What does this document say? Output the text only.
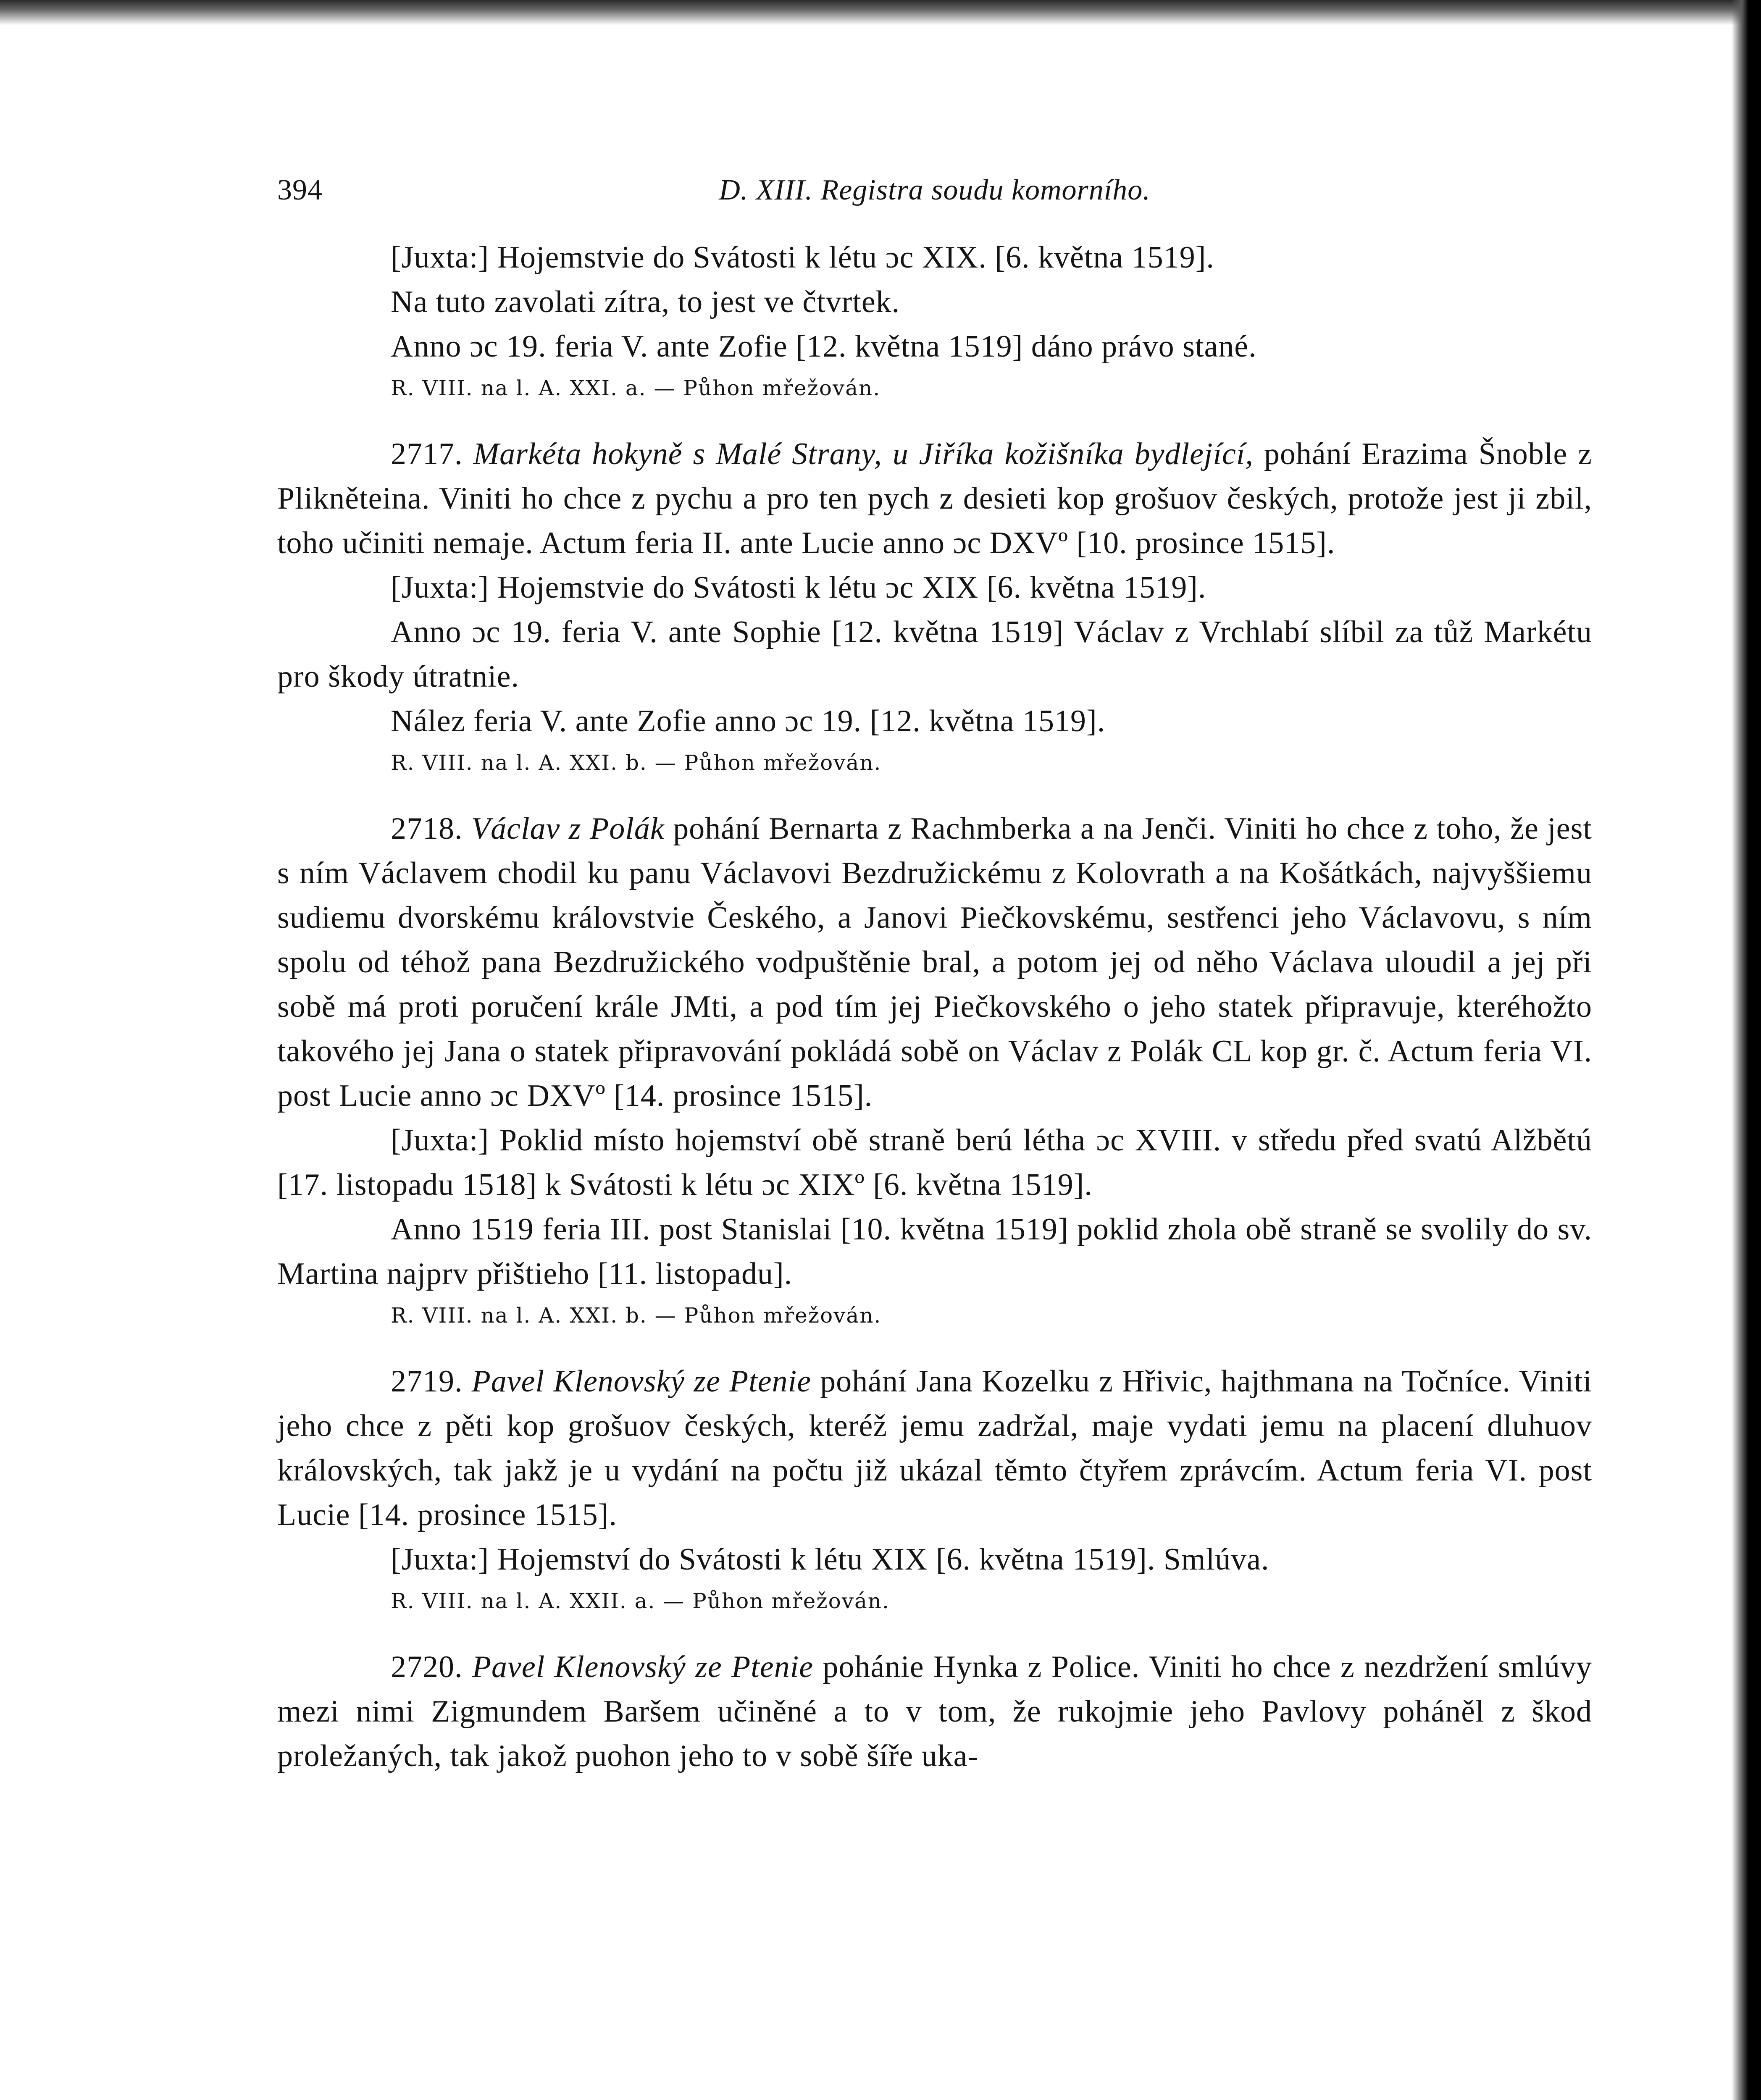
394	D. XIII. Registra soudu komorního.

[Juxta:] Hojemstvie do Svátosti k létu ɔc XIX. [6. května 1519].

Na tuto zavolati zítra, to jest ve čtvrtek.

Anno ɔc 19. feria V. ante Zofie [12. května 1519] dáno právo stané.

R. VIII. na l. A. XXI. a. — Půhon mřežován.

2717. Markéta hokyně s Malé Strany, u Jiříka kožišníka bydlející, pohání Erazima Šnoble z Plikněteina. Viniti ho chce z pychu a pro ten pych z desieti kop grošuov českých, protože jest ji zbil, toho učiniti nemaje. Actum feria II. ante Lucie anno ɔc DXVº [10. prosince 1515].

[Juxta:] Hojemstvie do Svátosti k létu ɔc XIX [6. května 1519].

Anno ɔc 19. feria V. ante Sophie [12. května 1519] Václav z Vrchlabí slíbil za tůž Markétu pro škody útratnie.

Nález feria V. ante Zofie anno ɔc 19. [12. května 1519].

R. VIII. na l. A. XXI. b. — Půhon mřežován.

2718. Václav z Polák pohání Bernarta z Rachmberka a na Jenči. Viniti ho chce z toho, že jest s ním Václavem chodil ku panu Václavovi Bezdružickému z Kolovrath a na Košátkách, najvyššiemu sudiemu dvorskému královstvie Českého, a Janovi Piečkovskému, sestřenci jeho Václavovu, s ním spolu od téhož pana Bezdružického vodpuštěnie bral, a potom jej od něho Václava uloudil a jej při sobě má proti poručení krále JMti, a pod tím jej Piečkovského o jeho statek připravuje, kteréhožto takového jej Jana o statek připravování pokládá sobě on Václav z Polák CL kop gr. č. Actum feria VI. post Lucie anno ɔc DXVº [14. prosince 1515].

[Juxta:] Poklid místo hojemství obě straně berú létha ɔc XVIII. v středu před svatú Alžbětú [17. listopadu 1518] k Svátosti k létu ɔc XIXº [6. května 1519].

Anno 1519 feria III. post Stanislai [10. května 1519] poklid zhola obě straně se svolily do sv. Martina najprv přištieho [11. listopadu].

R. VIII. na l. A. XXI. b. — Půhon mřežován.

2719. Pavel Klenovský ze Ptenie pohání Jana Kozelku z Hřivic, hajthmana na Točníce. Viniti jeho chce z pěti kop grošuov českých, kteréž jemu zadržal, maje vydati jemu na placení dluhuov královských, tak jakž je u vydání na počtu již ukázal těmto čtyřem zprávcím. Actum feria VI. post Lucie [14. prosince 1515].

[Juxta:] Hojemství do Svátosti k létu XIX [6. května 1519]. Smlúva.

R. VIII. na l. A. XXII. a. — Půhon mřežován.

2720. Pavel Klenovský ze Ptenie pohánie Hynka z Police. Viniti ho chce z nezdržení smlúvy mezi nimi Zigmundem Baršem učiněné a to v tom, že rukojmie jeho Pavlovy poháněl z škod proležaných, tak jakož puohon jeho to v sobě šíře uka-
